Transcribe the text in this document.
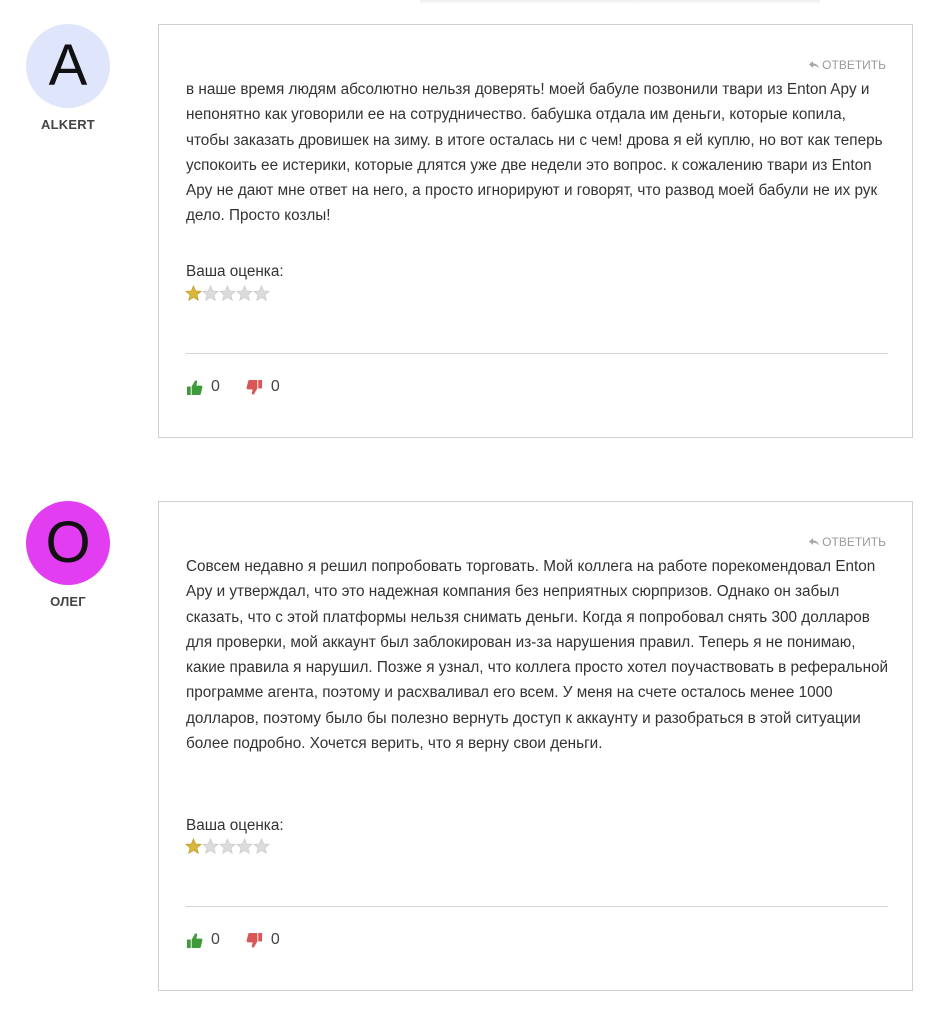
A
ALKERT
ОТВЕТИТЬ
в наше время людям абсолютно нельзя доверять! моей бабуле позвонили твари из Enton Apy и непонятно как уговорили ее на сотрудничество. бабушка отдала им деньги, которые копила, чтобы заказать дровишек на зиму. в итоге осталась ни с чем! дрова я ей куплю, но вот как теперь успокоить ее истерики, которые длятся уже две недели это вопрос. к сожалению твари из Enton Apy не дают мне ответ на него, а просто игнорируют и говорят, что развод моей бабули не их рук дело. Просто козлы!
Ваша оценка:
0	0
O
ОЛЕГ
ОТВЕТИТЬ
Совсем недавно я решил попробовать торговать. Мой коллега на работе порекомендовал Enton Apy и утверждал, что это надежная компания без неприятных сюрпризов. Однако он забыл сказать, что с этой платформы нельзя снимать деньги. Когда я попробовал снять 300 долларов для проверки, мой аккаунт был заблокирован из-за нарушения правил. Теперь я не понимаю, какие правила я нарушил. Позже я узнал, что коллега просто хотел поучаствовать в реферальной программе агента, поэтому и расхваливал его всем. У меня на счете осталось менее 1000 долларов, поэтому было бы полезно вернуть доступ к аккаунту и разобраться в этой ситуации более подробно. Хочется верить, что я верну свои деньги.
Ваша оценка:
0	0
